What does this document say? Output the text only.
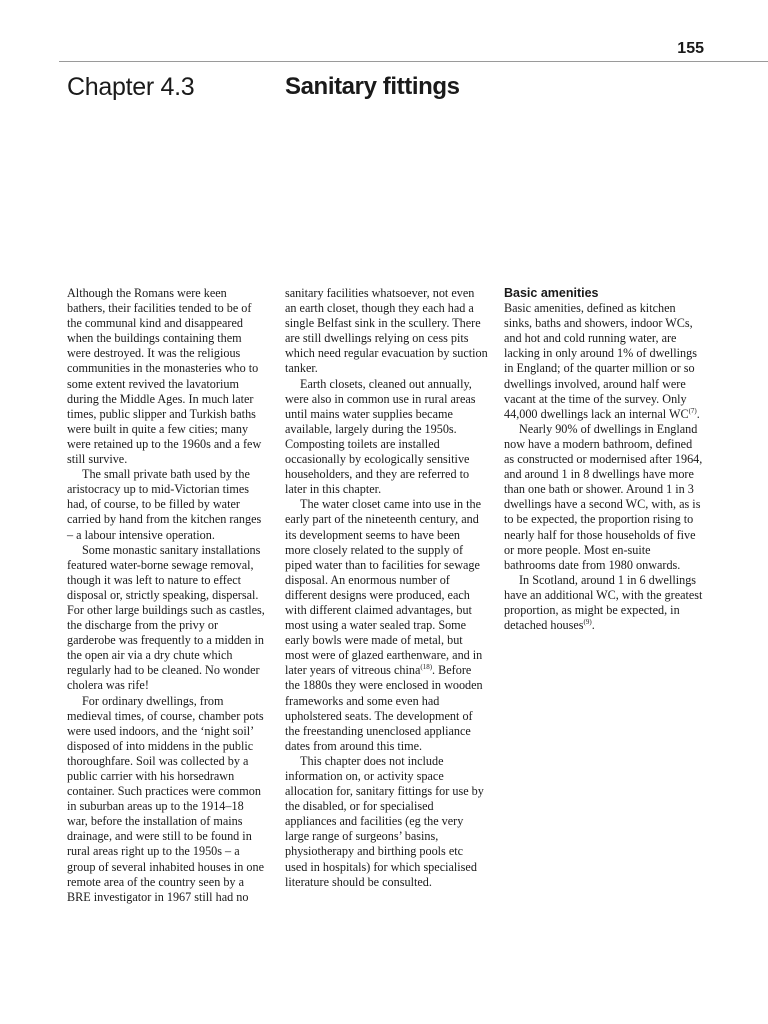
155
Chapter 4.3	Sanitary fittings

Although the Romans were keen bathers, their facilities tended to be of the communal kind and disappeared when the buildings containing them were destroyed. It was the religious communities in the monasteries who to some extent revived the lavatorium during the Middle Ages. In much later times, public slipper and Turkish baths were built in quite a few cities; many were retained up to the 1960s and a few still survive.

The small private bath used by the aristocracy up to mid-Victorian times had, of course, to be filled by water carried by hand from the kitchen ranges – a labour intensive operation.

Some monastic sanitary installations featured water-borne sewage removal, though it was left to nature to effect disposal or, strictly speaking, dispersal. For other large buildings such as castles, the discharge from the privy or garderobe was frequently to a midden in the open air via a dry chute which regularly had to be cleaned. No wonder cholera was rife!

For ordinary dwellings, from medieval times, of course, chamber pots were used indoors, and the ‘night soil’ disposed of into middens in the public thoroughfare. Soil was collected by a public carrier with his horsedrawn container. Such practices were common in suburban areas up to the 1914–18 war, before the installation of mains drainage, and were still to be found in rural areas right up to the 1950s – a group of several inhabited houses in one remote area of the country seen by a BRE investigator in 1967 still had no

sanitary facilities whatsoever, not even an earth closet, though they each had a single Belfast sink in the scullery. There are still dwellings relying on cess pits which need regular evacuation by suction tanker.

Earth closets, cleaned out annually, were also in common use in rural areas until mains water supplies became available, largely during the 1950s. Composting toilets are installed occasionally by ecologically sensitive householders, and they are referred to later in this chapter.

The water closet came into use in the early part of the nineteenth century, and its development seems to have been more closely related to the supply of piped water than to facilities for sewage disposal. An enormous number of different designs were produced, each with different claimed advantages, but most using a water sealed trap. Some early bowls were made of metal, but most were of glazed earthenware, and in later years of vitreous china$^{(18)}$. Before the 1880s they were enclosed in wooden frameworks and some even had upholstered seats. The development of the freestanding unenclosed appliance dates from around this time.

This chapter does not include information on, or activity space allocation for, sanitary fittings for use by the disabled, or for specialised appliances and facilities (eg the very large range of surgeons’ basins, physiotherapy and birthing pools etc used in hospitals) for which specialised literature should be consulted.

Basic amenities

Basic amenities, defined as kitchen sinks, baths and showers, indoor WCs, and hot and cold running water, are lacking in only around 1% of dwellings in England; of the quarter million or so dwellings involved, around half were vacant at the time of the survey. Only 44,000 dwellings lack an internal WC$^{(7)}$.

Nearly 90% of dwellings in England now have a modern bathroom, defined as constructed or modernised after 1964, and around 1 in 8 dwellings have more than one bath or shower. Around 1 in 3 dwellings have a second WC, with, as is to be expected, the proportion rising to nearly half for those households of five or more people. Most en-suite bathrooms date from 1980 onwards.

In Scotland, around 1 in 6 dwellings have an additional WC, with the greatest proportion, as might be expected, in detached houses$^{(9)}$.
